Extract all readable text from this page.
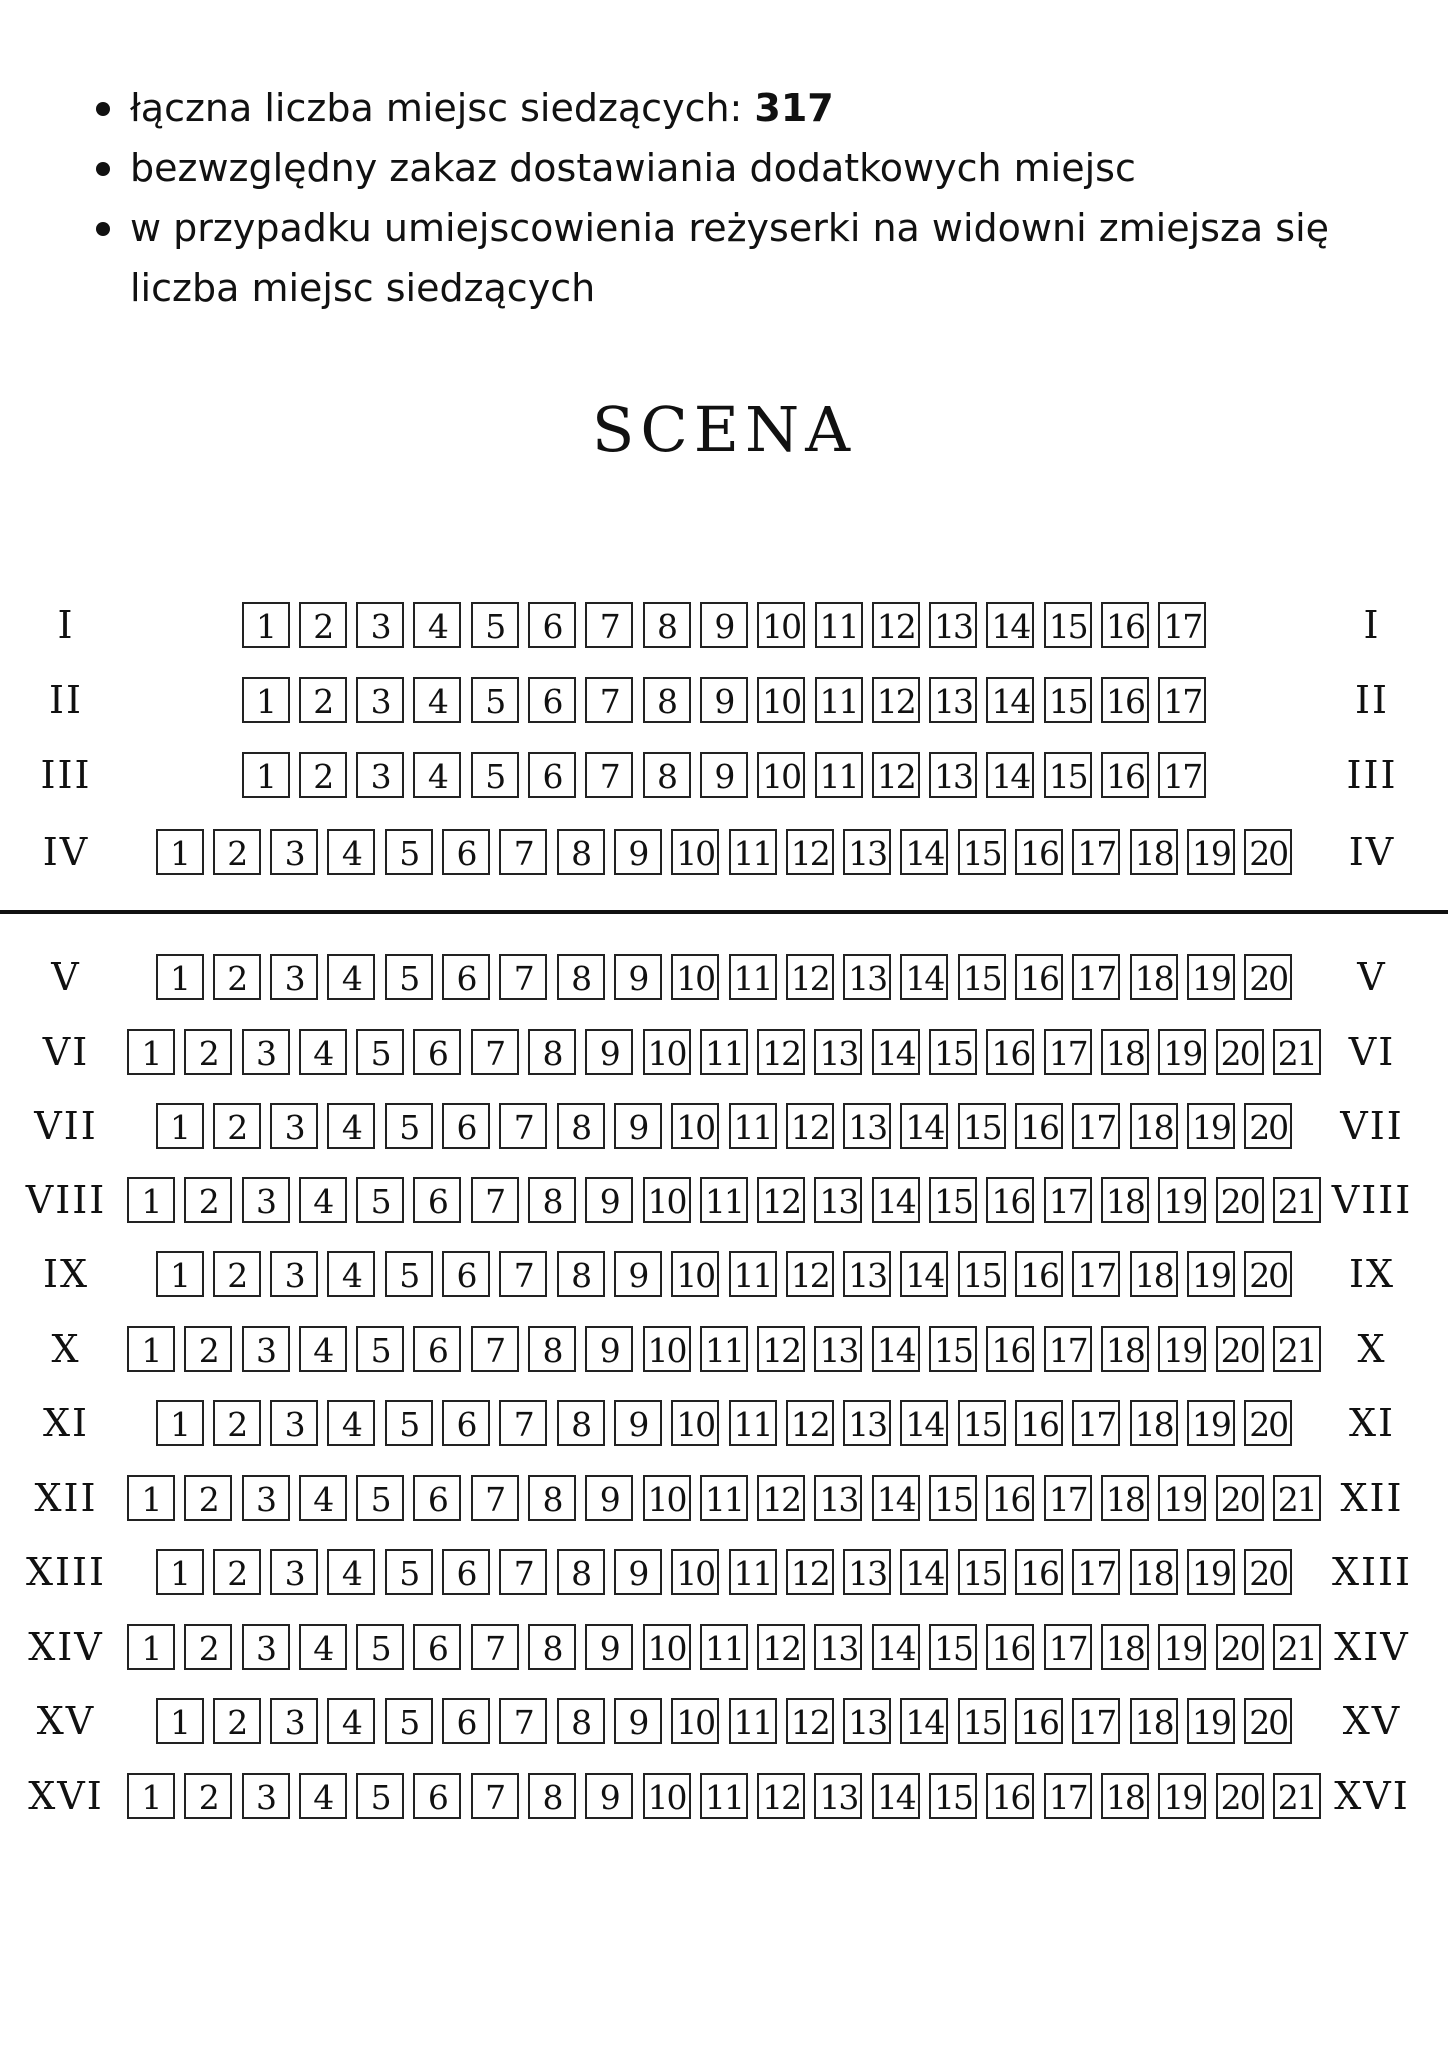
łączna liczba miejsc siedzących: 317
bezwzględny zakaz dostawiania dodatkowych miejsc
w przypadku umiejscowienia reżyserki na widowni zmiejsza się liczba miejsc siedzących
SCENA
I	1	2	3	4	5	6	7	8	9 10 11 12 13 14 15 16 17	I
II	1	2	3	4	5	6	7	8	9 10 11 12 13 14 15 16 17	II
III	1	2	3	4	5	6	7	8	9 10 11 12 13 14 15 16 17	III
IV	1	2	3	4	5	6	7	8	9 10 11 12 13 14 15 16 17 18 19 20	IV
V	1	2	3	4	5	6	7	8	9 10 11 12 13 14 15 16 17 18 19 20	V
VI	1	2	3	4	5	6	7	8	9 10 11 12 13 14 15 16 17 18 19 20 21 VI
VII	1	2	3	4	5	6	7	8	9 10 11 12 13 14 15 16 17 18 19 20	VII
VIII	1	2	3	4	5	6	7	8	9 10 11 12 13 14 15 16 17 18 19 20 21 VIII
IX	1	2	3	4	5	6	7	8	9 10 11 12 13 14 15 16 17 18 19 20	IX
X	1	2	3	4	5	6	7	8	9 10 11 12 13 14 15 16 17 18 19 20 21	X
XI	1	2	3	4	5	6	7	8	9 10 11 12 13 14 15 16 17 18 19 20	XI
XII	1	2	3	4	5	6	7	8	9 10 11 12 13 14 15 16 17 18 19 20 21 XII
XIII	1	2	3	4	5	6	7	8	9 10 11 12 13 14 15 16 17 18 19 20	XIII
XIV	1	2	3	4	5	6	7	8	9 10 11 12 13 14 15 16 17 18 19 20 21 XIV
XV	1	2	3	4	5	6	7	8	9 10 11 12 13 14 15 16 17 18 19 20	XV
XVI	1	2	3	4	5	6	7	8	9 10 11 12 13 14 15 16 17 18 19 20 21 XVI
